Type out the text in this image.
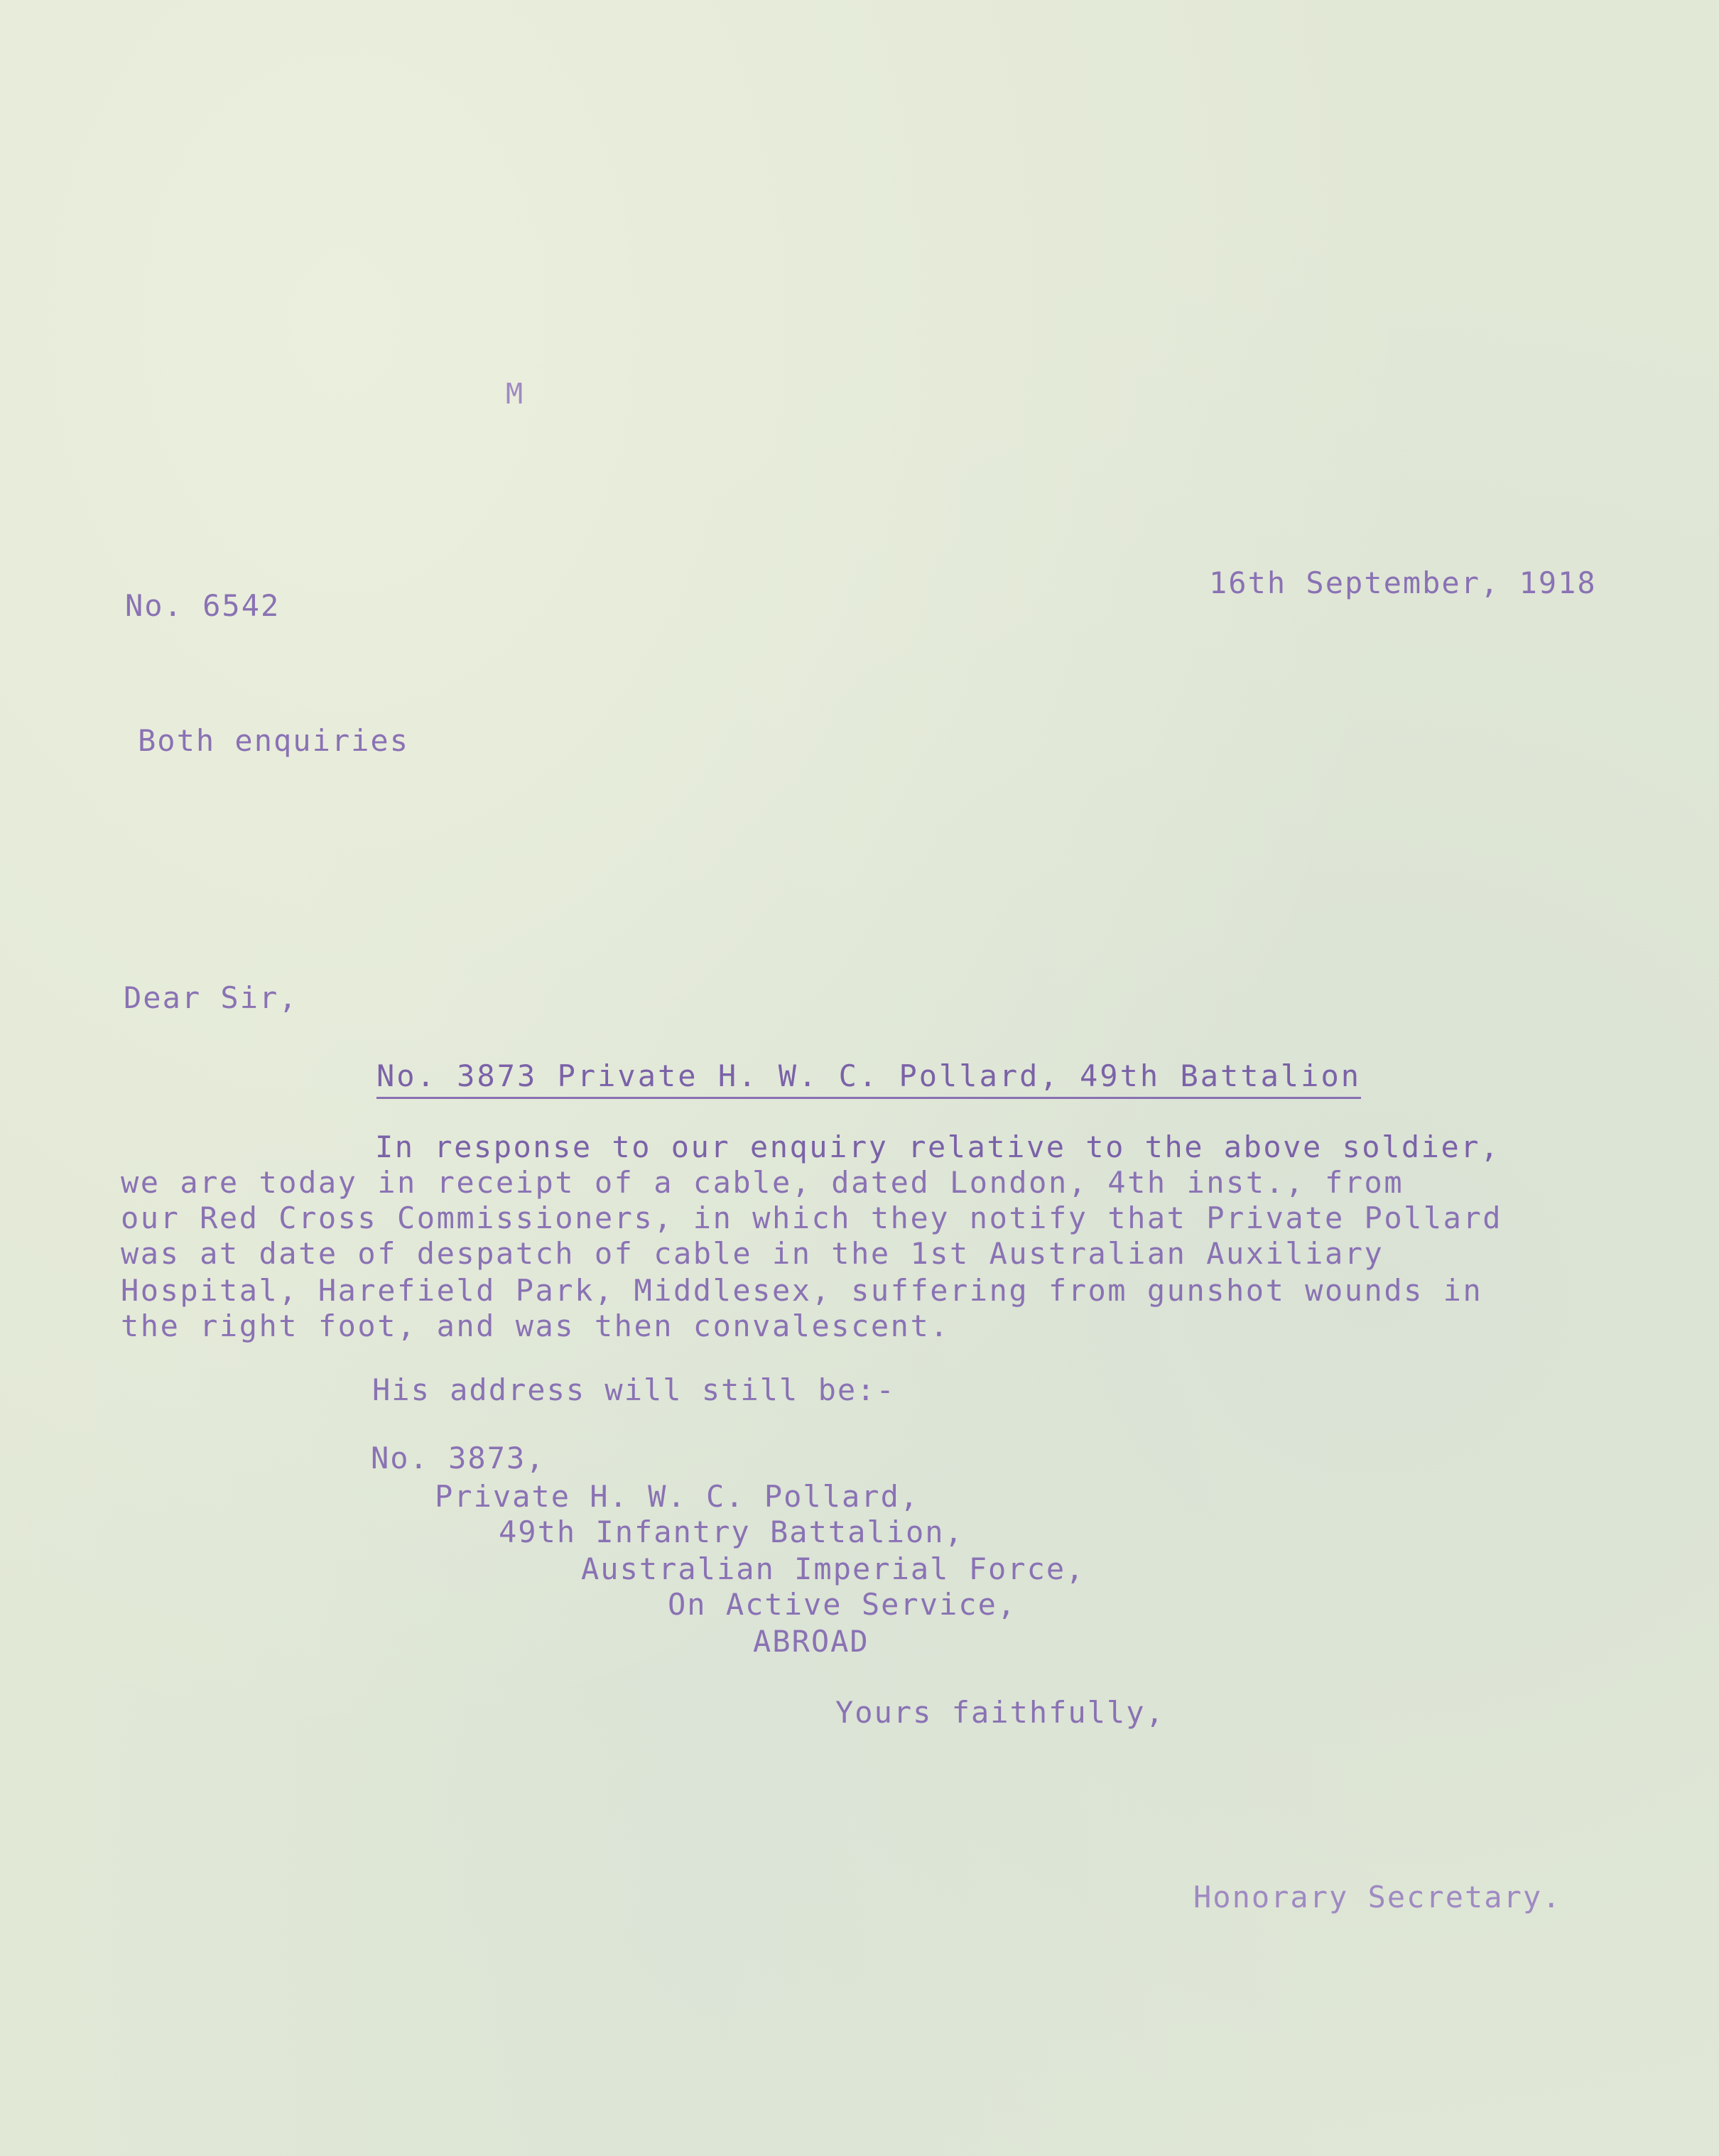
M
No. 6542
16th September, 1918
Both enquiries
Dear Sir,
No. 3873 Private H. W. C. Pollard, 49th Battalion
In response to our enquiry relative to the above soldier,
we are today in receipt of a cable, dated London, 4th inst., from
our Red Cross Commissioners, in which they notify that Private Pollard
was at date of despatch of cable in the 1st Australian Auxiliary
Hospital, Harefield Park, Middlesex, suffering from gunshot wounds in
the right foot, and was then convalescent.
His address will still be:-
No. 3873,
Private H. W. C. Pollard,
49th Infantry Battalion,
Australian Imperial Force,
On Active Service,
ABROAD
Yours faithfully,
Honorary Secretary.
